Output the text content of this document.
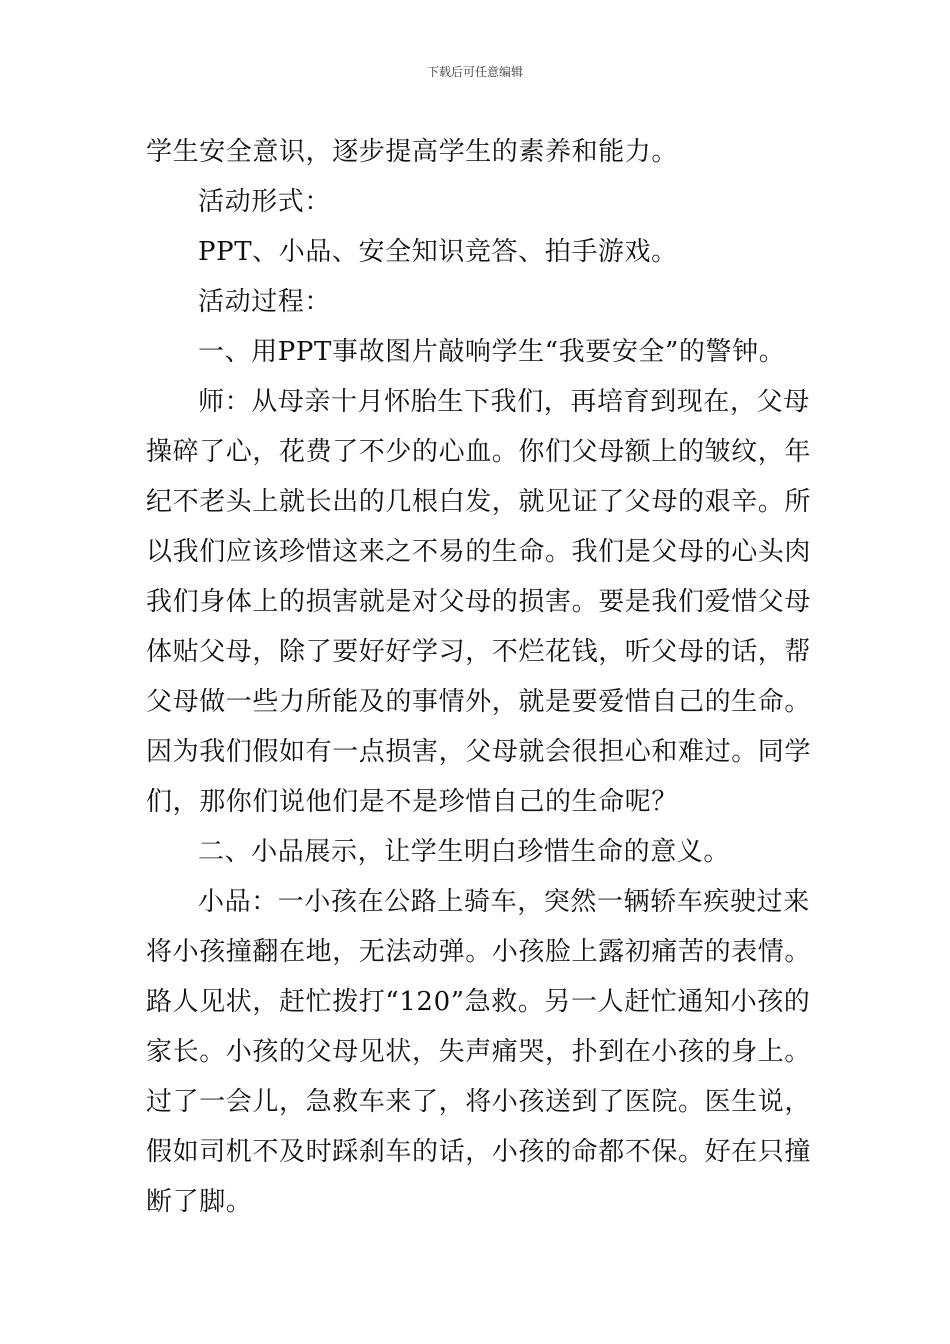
下载后可任意编辑
学生安全意识，逐步提高学生的素养和能力。
活动形式：
PPT、小品、安全知识竞答、拍手游戏。
活动过程：
一、用PPT事故图片敲响学生“我要安全”的警钟。
师：从母亲十月怀胎生下我们，再培育到现在，父母
操碎了心，花费了不少的心血。你们父母额上的皱纹，年
纪不老头上就长出的几根白发，就见证了父母的艰辛。所
以我们应该珍惜这来之不易的生命。我们是父母的心头肉
我们身体上的损害就是对父母的损害。要是我们爱惜父母
体贴父母，除了要好好学习，不烂花钱，听父母的话，帮
父母做一些力所能及的事情外，就是要爱惜自己的生命。
因为我们假如有一点损害，父母就会很担心和难过。同学
们，那你们说他们是不是珍惜自己的生命呢？
二、小品展示，让学生明白珍惜生命的意义。
小品：一小孩在公路上骑车，突然一辆轿车疾驶过来
将小孩撞翻在地，无法动弹。小孩脸上露初痛苦的表情。
路人见状，赶忙拨打“120”急救。另一人赶忙通知小孩的
家长。小孩的父母见状，失声痛哭，扑到在小孩的身上。
过了一会儿，急救车来了，将小孩送到了医院。医生说，
假如司机不及时踩刹车的话，小孩的命都不保。好在只撞
断了脚。
